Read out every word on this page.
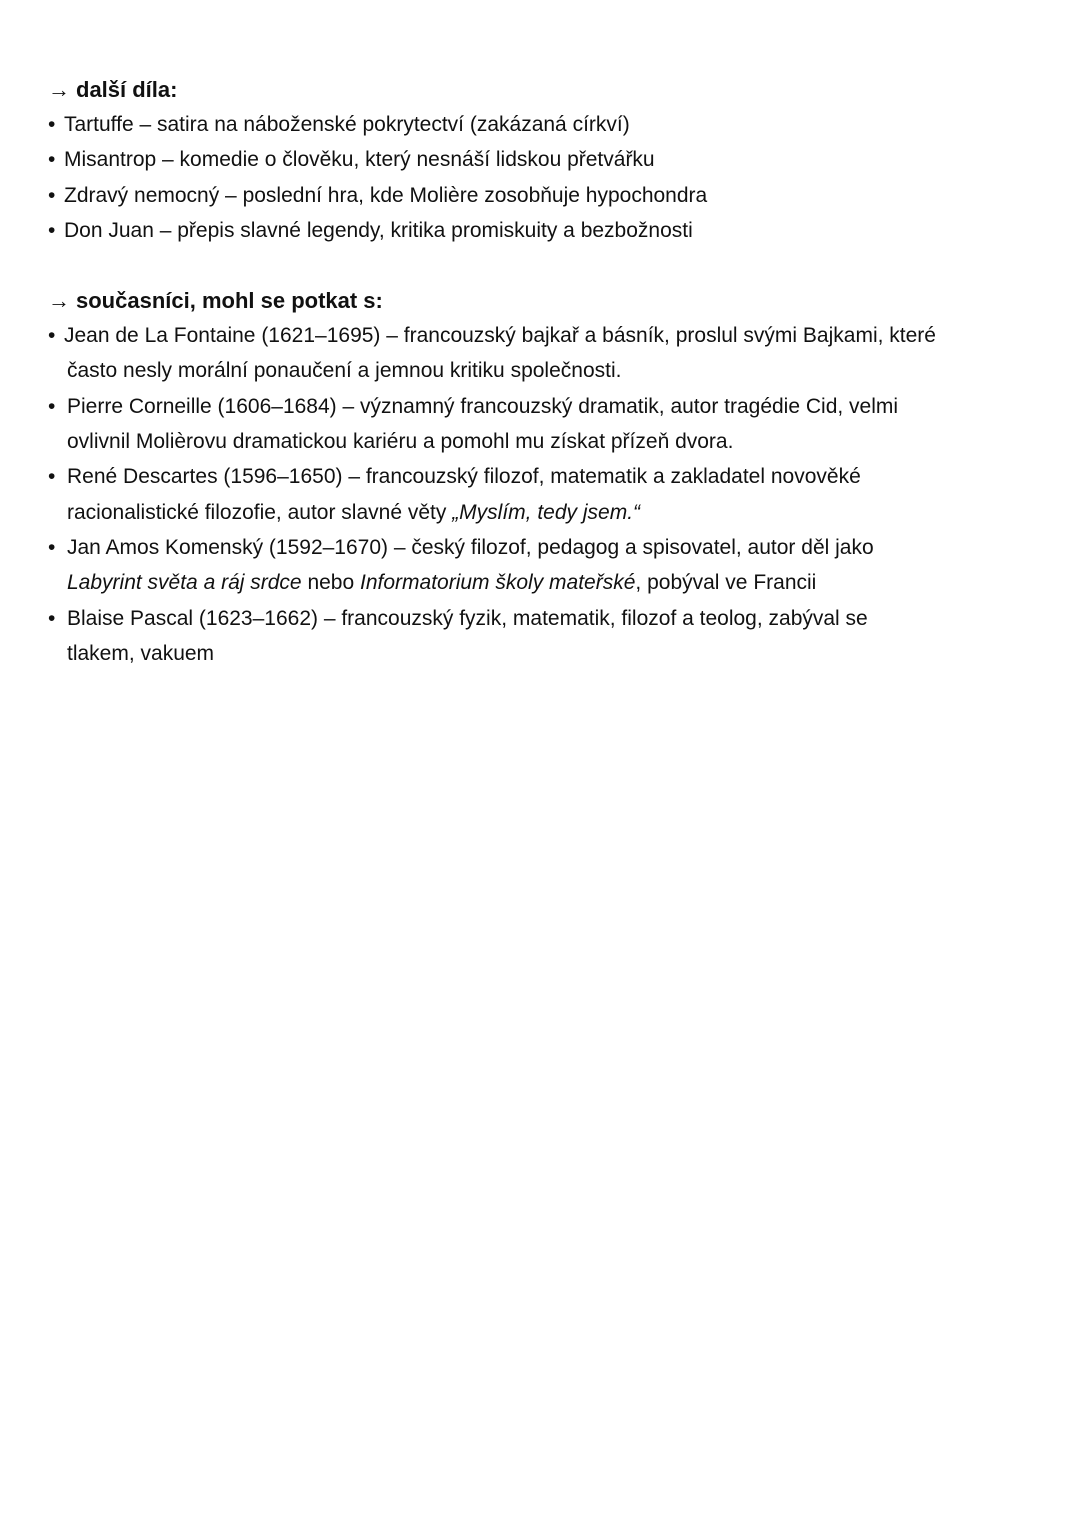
→ další díla:
• Tartuffe – satira na náboženské pokrytectví (zakázaná církví)
• Misantrop – komedie o člověku, který nesnáší lidskou přetvářku
• Zdravý nemocný – poslední hra, kde Molière zosobňuje hypochondra
• Don Juan – přepis slavné legendy, kritika promiskuity a bezbožnosti
→ současníci, mohl se potkat s:
• Jean de La Fontaine (1621–1695) – francouzský bajkař a básník, proslul svými Bajkami, které
často nesly morální ponaučení a jemnou kritiku společnosti.
• Pierre Corneille (1606–1684) – významný francouzský dramatik, autor tragédie Cid, velmi
ovlivnil Molièrovu dramatickou kariéru a pomohl mu získat přízeň dvora.
• René Descartes (1596–1650) – francouzský filozof, matematik a zakladatel novověké
racionalistické filozofie, autor slavné věty „Myslím, tedy jsem.“
• Jan Amos Komenský (1592–1670) – český filozof, pedagog a spisovatel, autor děl jako
Labyrint světa a ráj srdce nebo Informatorium školy mateřské, pobýval ve Francii
• Blaise Pascal (1623–1662) – francouzský fyzik, matematik, filozof a teolog, zabýval se
tlakem, vakuem
